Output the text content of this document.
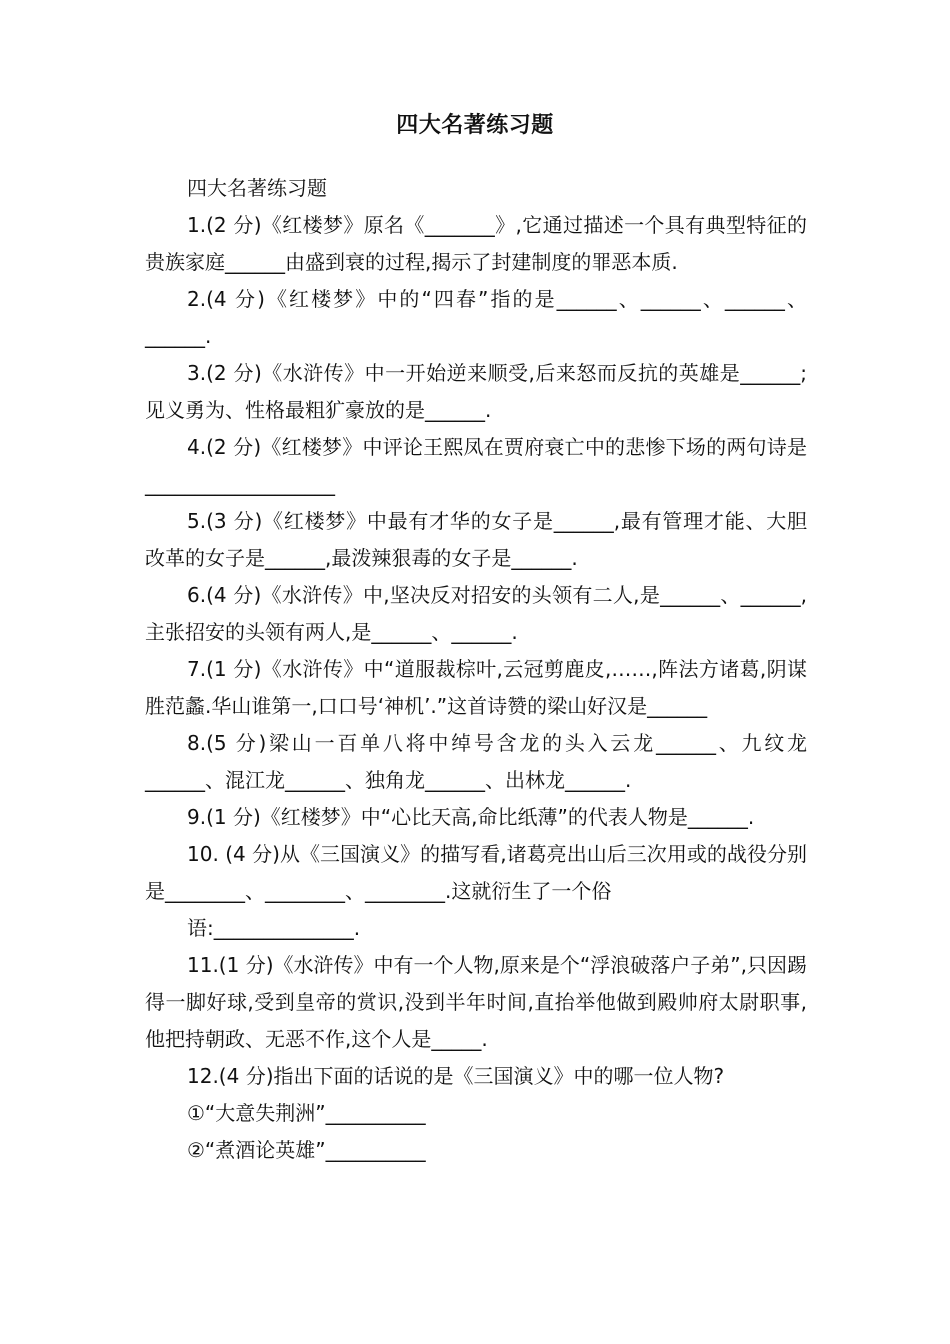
四大名著练习题

四大名著练习题

1.(2 分)《红楼梦》原名《_______》,它通过描述一个具有典型特征的贵族家庭______由盛到衰的过程,揭示了封建制度的罪恶本质.

2.(4 分)《红楼梦》中的“四春”指的是______、______、______、______.

3.(2 分)《水浒传》中一开始逆来顺受,后来怒而反抗的英雄是______;见义勇为、性格最粗犷豪放的是______.

4.(2 分)《红楼梦》中评论王熙凤在贾府衰亡中的悲惨下场的两句诗是___________________

5.(3 分)《红楼梦》中最有才华的女子是______,最有管理才能、大胆改革的女子是______,最泼辣狠毒的女子是______.

6.(4 分)《水浒传》中,坚决反对招安的头领有二人,是______、______,主张招安的头领有两人,是______、______.

7.(1 分)《水浒传》中“道服裁棕叶,云冠剪鹿皮,……,阵法方诸葛,阴谋胜范蠡.华山谁第一,口口号‘神机’.”这首诗赞的梁山好汉是______

8.(5 分)梁山一百单八将中绰号含龙的头入云龙______、九纹龙______、混江龙______、独角龙______、出林龙______.

9.(1 分)《红楼梦》中“心比天高,命比纸薄”的代表人物是______.

10. (4 分)从《三国演义》的描写看,诸葛亮出山后三次用或的战役分别是________、________、________.这就衍生了一个俗

语:______________.

11.(1 分)《水浒传》中有一个人物,原来是个“浮浪破落户子弟”,只因踢得一脚好球,受到皇帝的赏识,没到半年时间,直抬举他做到殿帅府太尉职事,他把持朝政、无恶不作,这个人是_____.

12.(4 分)指出下面的话说的是《三国演义》中的哪一位人物?

①“大意失荆洲”__________

②“煮酒论英雄”__________
